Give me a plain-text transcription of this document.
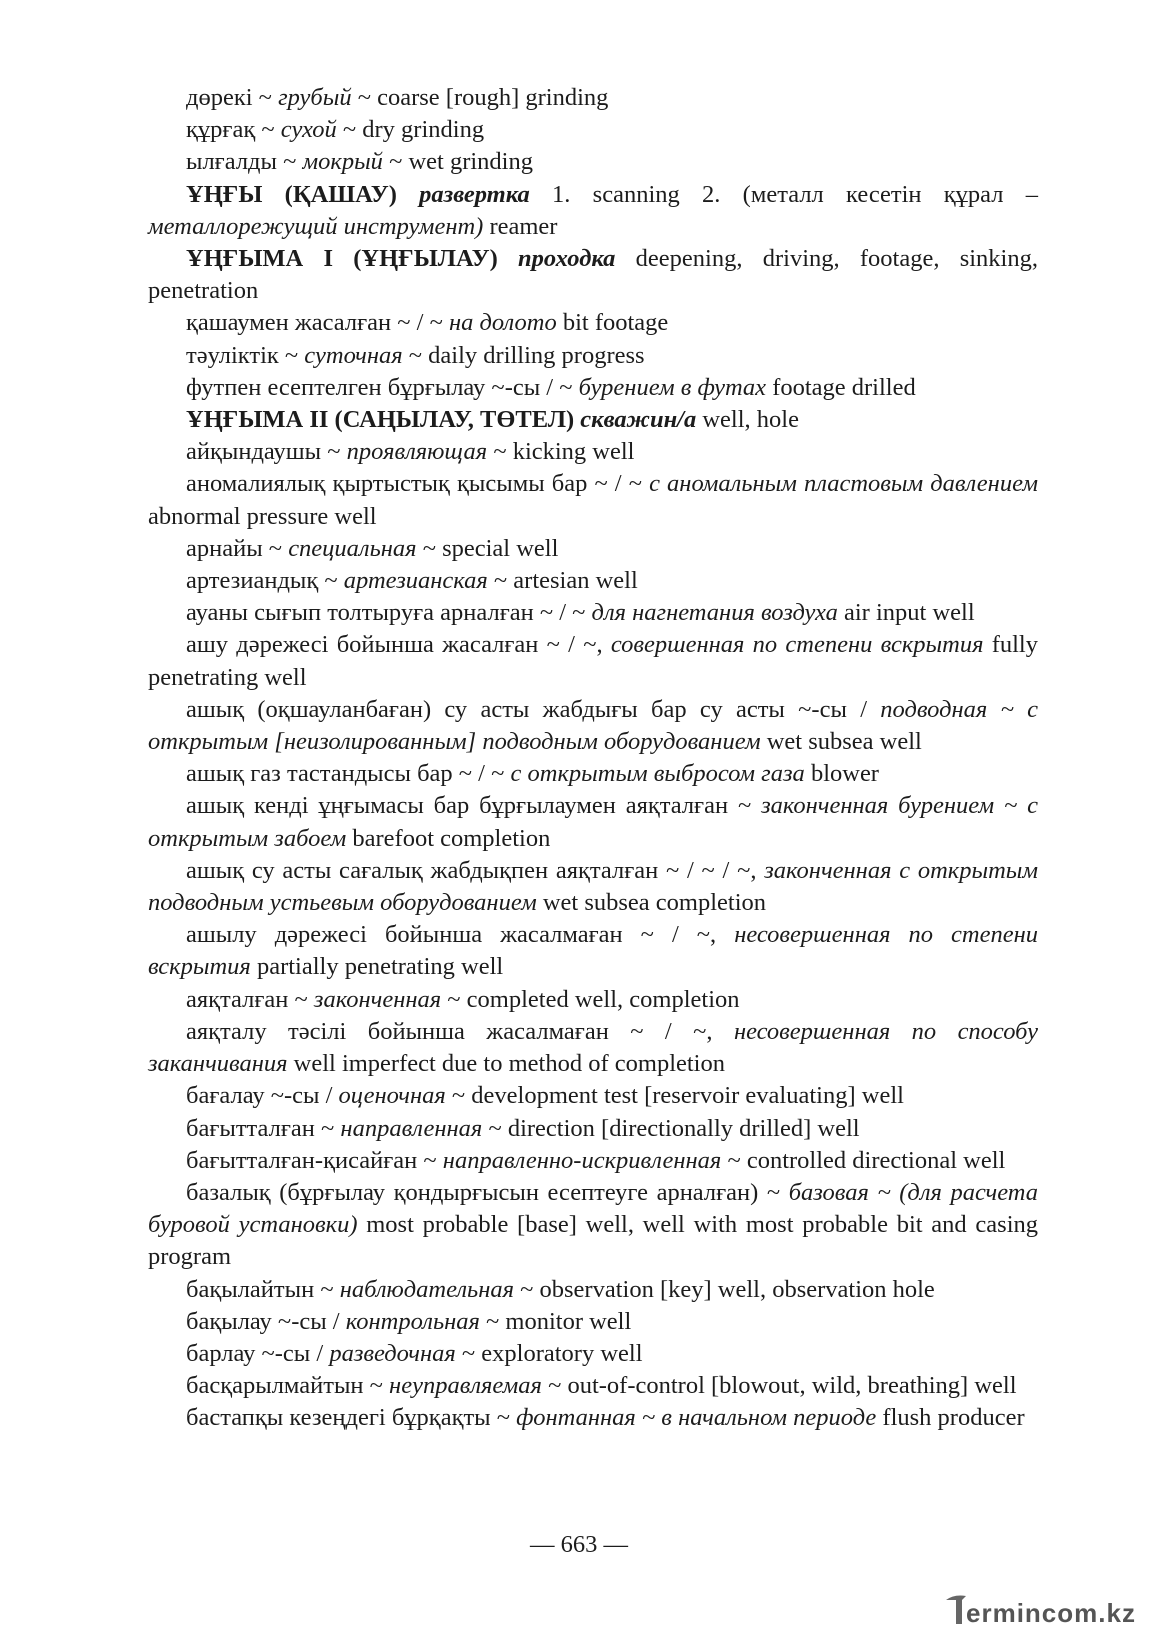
дөрекі ~ грубый ~ coarse [rough] grinding

құрғақ ~ сухой ~ dry grinding

ылғалды ~ мокрый ~ wet grinding

ҰҢҒЫ (ҚАШАУ) развертка 1. scanning 2. (металл кесетін құрал – металлорежущий инструмент) reamer

ҰҢҒЫМА I (ҰҢҒЫЛАУ) проходка deepening, driving, footage, sinking, penetration

қашаумен жасалған ~ / ~ на долото bit footage

тәуліктік ~ суточная ~ daily drilling progress

футпен есептелген бұрғылау ~-сы / ~ бурением в футах footage drilled

ҰҢҒЫМА II (САҢЫЛАУ, ТӨТЕЛ) скважин/а well, hole

айқындаушы ~ проявляющая ~ kicking well

аномалиялық қыртыстық қысымы бар ~ / ~ с аномальным пластовым давлением abnormal pressure well

арнайы ~ специальная ~ special well

артезиандық ~ артезианская ~ artesian well

ауаны сығып толтыруға арналған ~ / ~ для нагнетания воздуха air input well

ашу дәрежесі бойынша жасалған ~ / ~, совершенная по степени вскрытия fully penetrating well

ашық (оқшауланбаған) су асты жабдығы бар су асты ~-сы / подводная ~ с открытым [неизолированным] подводным оборудованием wet subsea well

ашық газ тастандысы бар ~ / ~ с открытым выбросом газа blower

ашық кенді ұңғымасы бар бұрғылаумен аяқталған ~ законченная бурением ~ с открытым забоем barefoot completion

ашық су асты сағалық жабдықпен аяқталған ~ / ~ / ~, законченная с открытым подводным устьевым оборудованием wet subsea completion

ашылу дәрежесі бойынша жасалмаған ~ / ~, несовершенная по степени вскрытия partially penetrating well

аяқталған ~ законченная ~ completed well, completion

аяқталу тәсілі бойынша жасалмаған ~ / ~, несовершенная по способу заканчивания well imperfect due to method of completion

бағалау ~-сы / оценочная ~ development test [reservoir evaluating] well

бағытталған ~ направленная ~ direction [directionally drilled] well

бағытталған-қисайған ~ направленно-искривленная ~ controlled directional well

базалық (бұрғылау қондырғысын есептеуге арналған) ~ базовая ~ (для расчета буровой установки) most probable [base] well, well with most probable bit and casing program

бақылайтын ~ наблюдательная ~ observation [key] well, observation hole

бақылау ~-сы / контрольная ~ monitor well

барлау ~-сы / разведочная ~ exploratory well

басқарылмайтын ~ неуправляемая ~ out-of-control [blowout, wild, breathing] well

бастапқы кезеңдегі бұрқақты ~ фонтанная ~ в начальном периоде flush producer

— 663 —
ermincom.kz
